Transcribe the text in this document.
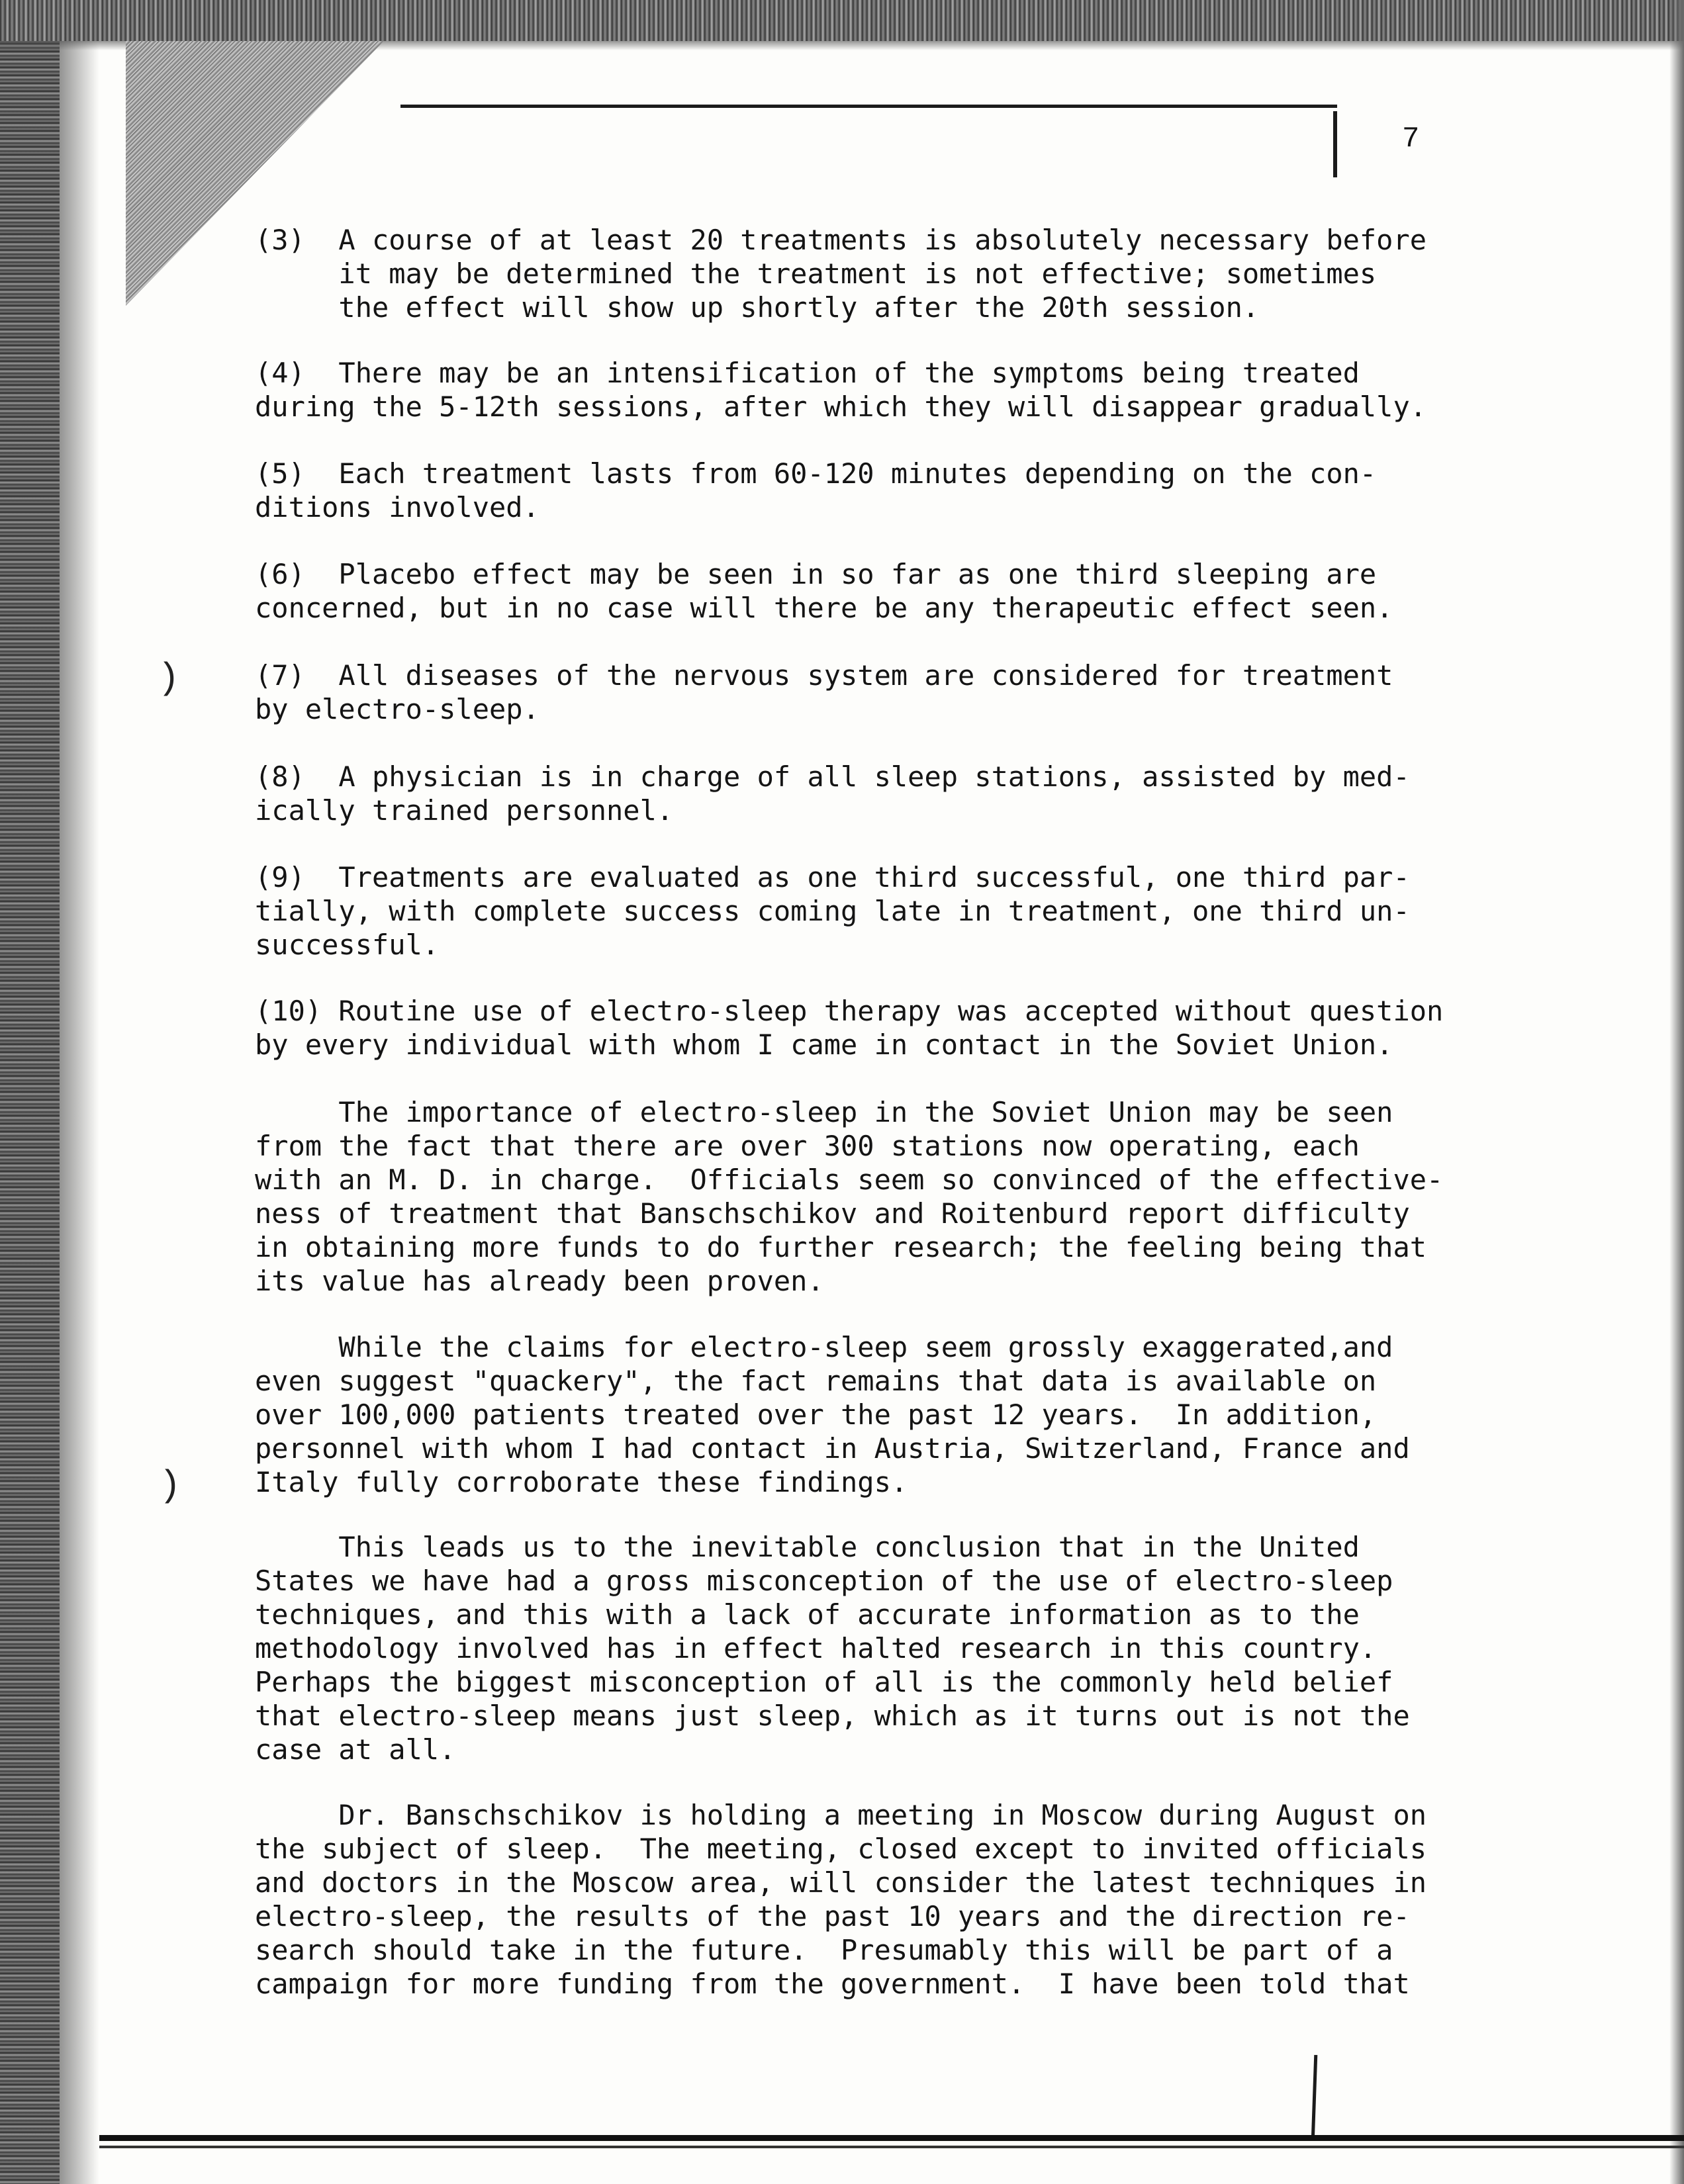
7
)
)
(3)  A course of at least 20 treatments is absolutely necessary before
it may be determined the treatment is not effective; sometimes
the effect will show up shortly after the 20th session.
(4)  There may be an intensification of the symptoms being treated
during the 5-12th sessions, after which they will disappear gradually.
(5)  Each treatment lasts from 60-120 minutes depending on the con-
ditions involved.
(6)  Placebo effect may be seen in so far as one third sleeping are
concerned, but in no case will there be any therapeutic effect seen.
(7)  All diseases of the nervous system are considered for treatment
by electro-sleep.
(8)  A physician is in charge of all sleep stations, assisted by med-
ically trained personnel.
(9)  Treatments are evaluated as one third successful, one third par-
tially, with complete success coming late in treatment, one third un-
successful.
(10) Routine use of electro-sleep therapy was accepted without question
by every individual with whom I came in contact in the Soviet Union.
The importance of electro-sleep in the Soviet Union may be seen
from the fact that there are over 300 stations now operating, each
with an M. D. in charge.  Officials seem so convinced of the effective-
ness of treatment that Banschschikov and Roitenburd report difficulty
in obtaining more funds to do further research; the feeling being that
its value has already been proven.
While the claims for electro-sleep seem grossly exaggerated,and
even suggest "quackery", the fact remains that data is available on
over 100,000 patients treated over the past 12 years.  In addition,
personnel with whom I had contact in Austria, Switzerland, France and
Italy fully corroborate these findings.
This leads us to the inevitable conclusion that in the United
States we have had a gross misconception of the use of electro-sleep
techniques, and this with a lack of accurate information as to the
methodology involved has in effect halted research in this country.
Perhaps the biggest misconception of all is the commonly held belief
that electro-sleep means just sleep, which as it turns out is not the
case at all.
Dr. Banschschikov is holding a meeting in Moscow during August on
the subject of sleep.  The meeting, closed except to invited officials
and doctors in the Moscow area, will consider the latest techniques in
electro-sleep, the results of the past 10 years and the direction re-
search should take in the future.  Presumably this will be part of a
campaign for more funding from the government.  I have been told that
